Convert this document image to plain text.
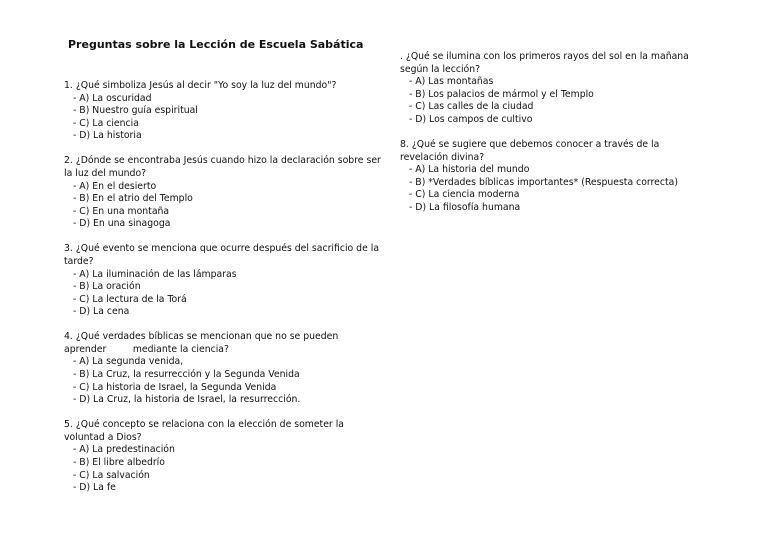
Preguntas sobre la Lección de Escuela Sabática

1. ¿Qué simboliza Jesús al decir "Yo soy la luz del mundo"?

- A) La oscuridad
- B) Nuestro guía espiritual
- C) La ciencia
- D) La historia

2. ¿Dónde se encontraba Jesús cuando hizo la declaración sobre ser la luz del mundo?

- A) En el desierto
- B) En el atrio del Templo
- C) En una montaña
- D) En una sinagoga

3. ¿Qué evento se menciona que ocurre después del sacrificio de la tarde?

- A) La iluminación de las lámparas
- B) La oración
- C) La lectura de la Torá
- D) La cena

4. ¿Qué verdades bíblicas se mencionan que no se pueden aprender         mediante la ciencia?

- A) La segunda venida,
- B) La Cruz, la resurrección y la Segunda Venida
- C) La historia de Israel, la Segunda Venida
- D) La Cruz, la historia de Israel, la resurrección.

5. ¿Qué concepto se relaciona con la elección de someter la voluntad a Dios?

- A) La predestinación
- B) El libre albedrío
- C) La salvación
- D) La fe

. ¿Qué se ilumina con los primeros rayos del sol en la mañana según la lección?

- A) Las montañas
- B) Los palacios de mármol y el Templo
- C) Las calles de la ciudad
- D) Los campos de cultivo

8. ¿Qué se sugiere que debemos conocer a través de la revelación divina?

- A) La historia del mundo
- B) *Verdades bíblicas importantes* (Respuesta correcta)
- C) La ciencia moderna
- D) La filosofía humana
